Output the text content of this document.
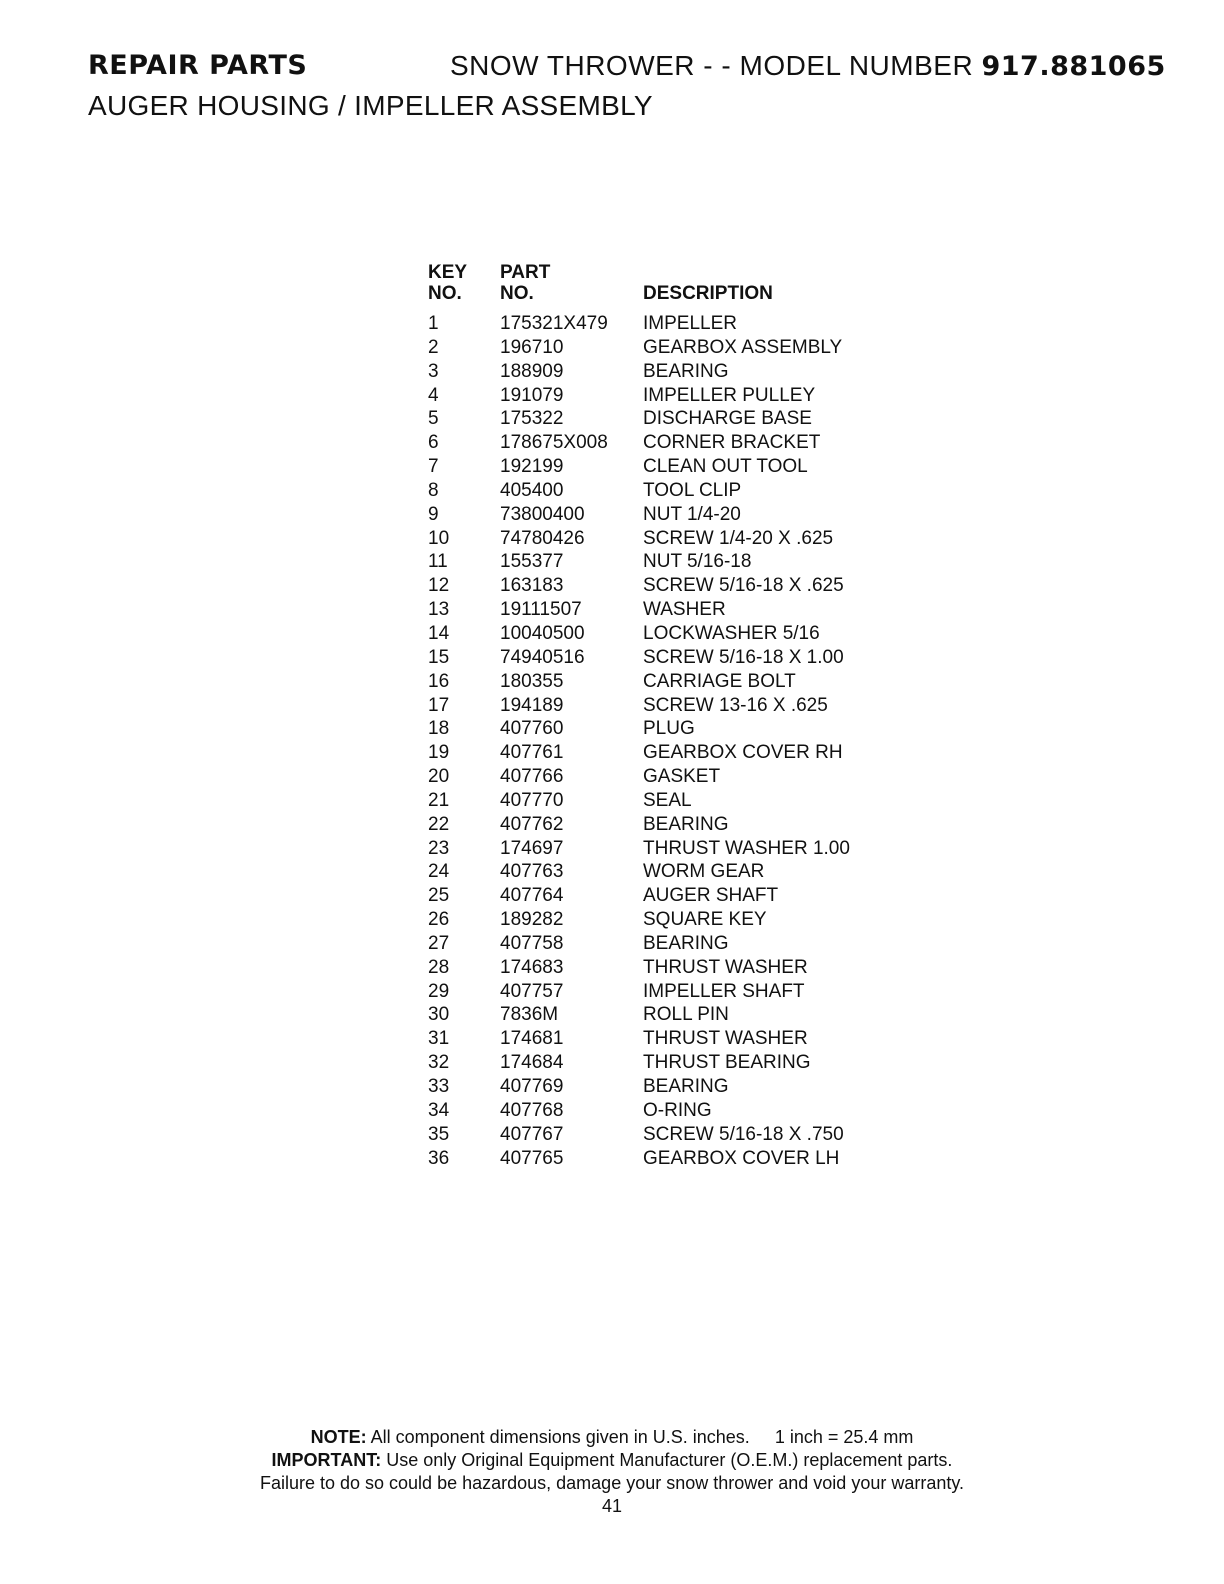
REPAIR PARTS	SNOW THROWER - - MODEL NUMBER 917.881065
AUGER HOUSING / IMPELLER ASSEMBLY
KEY
NO.
PART
NO.	DESCRIPTION
1	175321X479 IMPELLER
2	196710	GEARBOX ASSEMBLY
3	188909	BEARING
4	191079	IMPELLER PULLEY
5	175322	DISCHARGE BASE
6	178675X008 CORNER BRACKET
7	192199	CLEAN OUT TOOL
8	405400	TOOL CLIP
9	73800400	NUT 1/4-20
10	74780426	SCREW 1/4-20 X .625
11	155377	NUT 5/16-18
12	163183	SCREW 5/16-18 X .625
13	19111507	WASHER
14	10040500	LOCKWASHER 5/16
15	74940516	SCREW 5/16-18 X 1.00
16	180355	CARRIAGE BOLT
17	194189	SCREW 13-16 X .625
18	407760	PLUG
19	407761	GEARBOX COVER RH
20	407766	GASKET
21	407770	SEAL
22	407762	BEARING
23	174697	THRUST WASHER 1.00
24	407763	WORM GEAR
25	407764	AUGER SHAFT
26	189282	SQUARE KEY
27	407758	BEARING
28	174683	THRUST WASHER
29	407757	IMPELLER SHAFT
30	7836M	ROLL PIN
31	174681	THRUST WASHER
32	174684	THRUST BEARING
33	407769	BEARING
34	407768	O-RING
35	407767	SCREW 5/16-18 X .750
36	407765	GEARBOX COVER LH
NOTE: All component dimensions given in U.S. inches.     1 inch = 25.4 mm
IMPORTANT: Use only Original Equipment Manufacturer (O.E.M.) replacement parts.
Failure to do so could be hazardous, damage your snow thrower and void your warranty.
41
